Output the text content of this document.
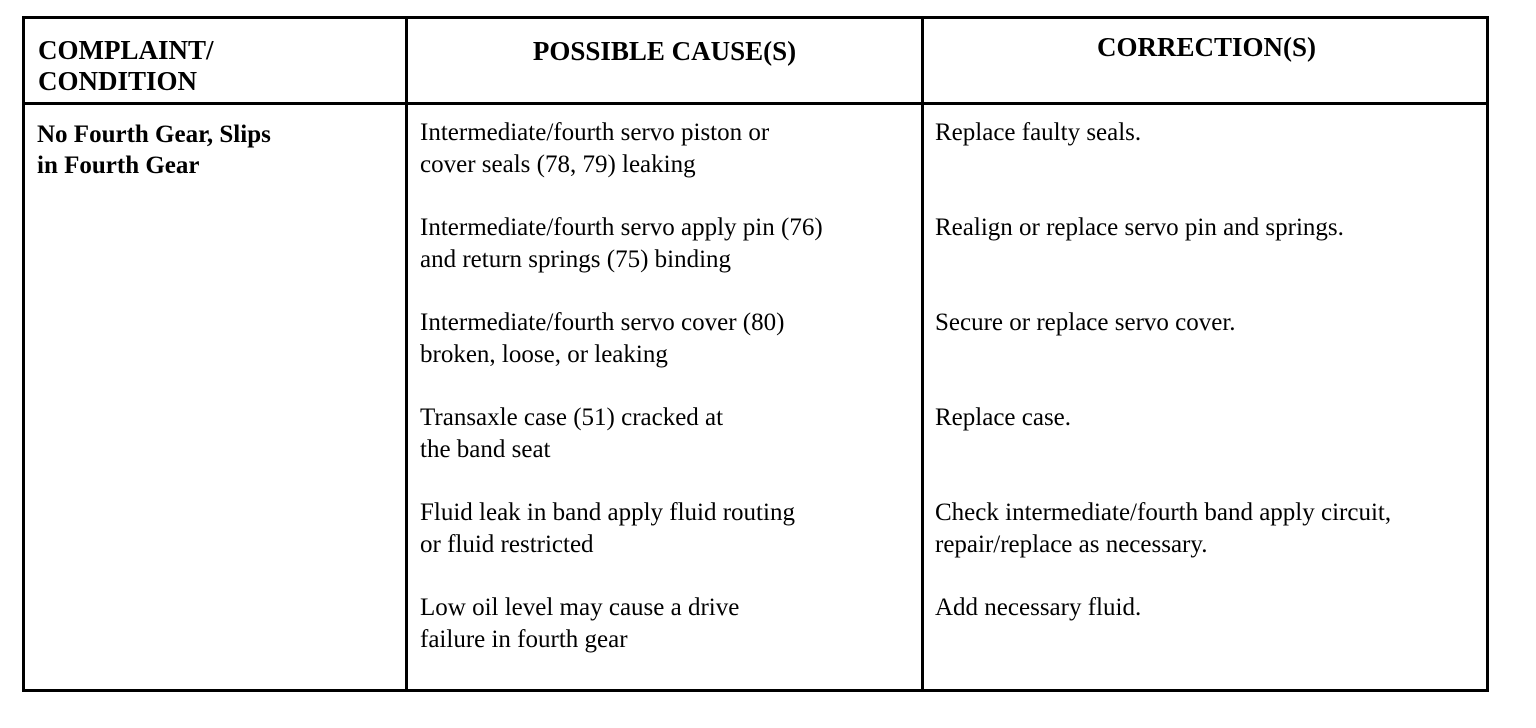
COMPLAINT/
CONDITION
POSSIBLE CAUSE(S)	CORRECTION(S)
No Fourth Gear, Slips
in Fourth Gear
Intermediate/fourth servo piston or
cover seals (78, 79) leaking
Replace faulty seals.
Intermediate/fourth servo apply pin (76)
and return springs (75) binding
Realign or replace servo pin and springs.
Intermediate/fourth servo cover (80)
broken, loose, or leaking
Secure or replace servo cover.
Transaxle case (51) cracked at
the band seat
Replace case.
Fluid leak in band apply fluid routing
or fluid restricted
Check intermediate/fourth band apply circuit,
repair/replace as necessary.
Low oil level may cause a drive
failure in fourth gear
Add necessary fluid.
